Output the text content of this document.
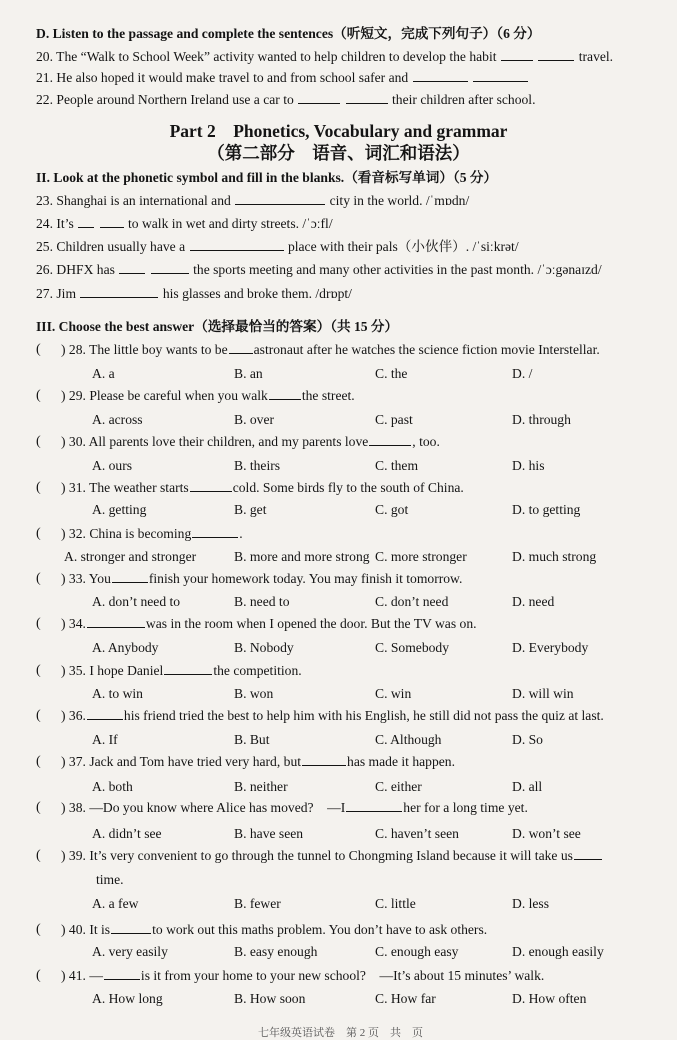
D. Listen to the passage and complete the sentences（听短文，完成下列句子）（6 分）
20. The “Walk to School Week” activity wanted to help children to develop the habit	travel.
21. He also hoped it would make travel to and from school safer and
22. People around Northern Ireland use a car to	their children after school.
Part 2　Phonetics, Vocabulary and grammar
（第二部分　语音、词汇和语法）
II. Look at the phonetic symbol and fill in the blanks.（看音标写单词）（5 分）
23. Shanghai is an international and	city in the world. /ˈmɒdn/
24. It’s	to walk in wet and dirty streets. /ˈɔːfl/
25. Children usually have a	place with their pals（小伙伴）. /ˈsiːkrət/
26. DHFX has	the sports meeting and many other activities in the past month. /ˈɔːgənaɪzd/
27. Jim	his glasses and broke them. /drɒpt/
III. Choose the best answer（选择最恰当的答案）（共 15 分）
( ) 28. The little boy wants to be astronaut after he watches the science fiction movie Interstellar.
A. a	B. an	C. the	D. /
( ) 29. Please be careful when you walk	the street.
A. across	B. over	C. past	D. through
( ) 30. All parents love their children, and my parents love	, too.
A. ours	B. theirs	C. them	D. his
( ) 31. The weather starts	cold. Some birds fly to the south of China.
A. getting	B. get	C. got	D. to getting
( ) 32. China is becoming	.
A. stronger and stronger	B. more and more strong C. more stronger	D. much strong
( ) 33. You	finish your homework today. You may finish it tomorrow.
A. don’t need to	B. need to	C. don’t need	D. need
( ) 34.	was in the room when I opened the door. But the TV was on.
A. Anybody	B. Nobody	C. Somebody	D. Everybody
( ) 35. I hope Daniel	the competition.
A. to win	B. won	C. win	D. will win
( ) 36.	his friend tried the best to help him with his English, he still did not pass the quiz at last.
A. If	B. But	C. Although	D. So
( ) 37. Jack and Tom have tried very hard, but	has made it happen.
A. both	B. neither	C. either	D. all
( ) 38. —Do you know where Alice has moved?　—I	her for a long time yet.
A. didn’t see	B. have seen	C. haven’t seen	D. won’t see
( ) 39. It’s very convenient to go through the tunnel to Chongming Island because it will take us
time.
A. a few	B. fewer	C. little	D. less
( ) 40. It is	to work out this maths problem. You don’t have to ask others.
A. very easily	B. easy enough	C. enough easy	D. enough easily
( ) 41. —	is it from your home to your new school?　—It’s about 15 minutes’ walk.
A. How long	B. How soon	C. How far	D. How often
七年级英语试卷　第 2 页　共　页
